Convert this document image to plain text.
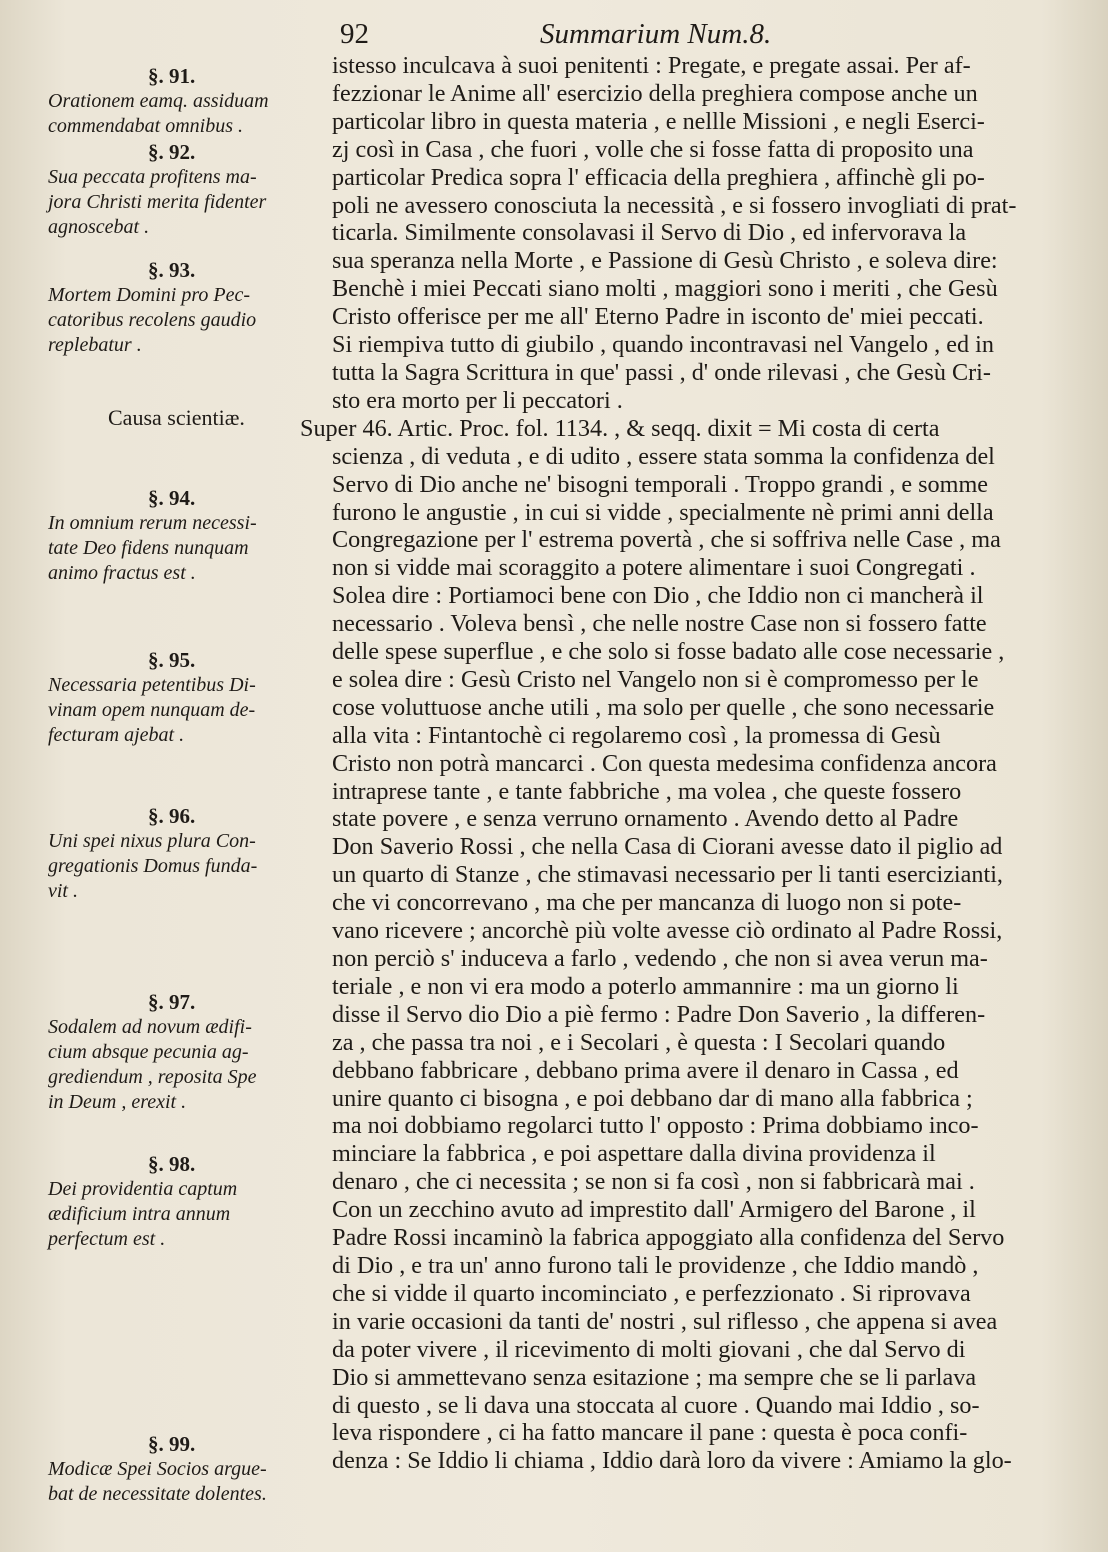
92	Summarium Num.8.
istesso inculcava à suoi penitenti : Pregate, e pregate assai. Per af-
fezzionar le Anime all' esercizio della preghiera compose anche un
particolar libro in questa materia , e nellle Missioni , e negli Eserci-
zj così in Casa , che fuori , volle che si fosse fatta di proposito una
particolar Predica sopra l' efficacia della preghiera , affinchè gli po-
poli ne avessero conosciuta la necessità , e si fossero invogliati di prat-
ticarla. Similmente consolavasi il Servo di Dio , ed infervorava la
sua speranza nella Morte , e Passione di Gesù Christo , e soleva dire:
Benchè i miei Peccati siano molti , maggiori sono i meriti , che Gesù
Cristo offerisce per me all' Eterno Padre in isconto de' miei peccati.
Si riempiva tutto di giubilo , quando incontravasi nel Vangelo , ed in
tutta la Sagra Scrittura in que' passi , d' onde rilevasi , che Gesù Cri-
sto era morto per li peccatori .
Super 46. Artic. Proc. fol. 1134. , & seqq. dixit = Mi costa di certa
scienza , di veduta , e di udito , essere stata somma la confidenza del
Servo di Dio anche ne' bisogni temporali . Troppo grandi , e somme
furono le angustie , in cui si vidde , specialmente nè primi anni della
Congregazione per l' estrema povertà , che si soffriva nelle Case , ma
non si vidde mai scoraggito a potere alimentare i suoi Congregati .
Solea dire : Portiamoci bene con Dio , che Iddio non ci mancherà il
necessario . Voleva bensì , che nelle nostre Case non si fossero fatte
delle spese superflue , e che solo si fosse badato alle cose necessarie ,
e solea dire : Gesù Cristo nel Vangelo non si è compromesso per le
cose voluttuose anche utili , ma solo per quelle , che sono necessarie
alla vita : Fintantochè ci regolaremo così , la promessa di Gesù
Cristo non potrà mancarci . Con questa medesima confidenza ancora
intraprese tante , e tante fabbriche , ma volea , che queste fossero
state povere , e senza verruno ornamento . Avendo detto al Padre
Don Saverio Rossi , che nella Casa di Ciorani avesse dato il piglio ad
un quarto di Stanze , che stimavasi necessario per li tanti esercizianti,
che vi concorrevano , ma che per mancanza di luogo non si pote-
vano ricevere ; ancorchè più volte avesse ciò ordinato al Padre Rossi,
non perciò s' induceva a farlo , vedendo , che non si avea verun ma-
teriale , e non vi era modo a poterlo ammannire : ma un giorno li
disse il Servo dio Dio a piè fermo : Padre Don Saverio , la differen-
za , che passa tra noi , e i Secolari , è questa : I Secolari quando
debbano fabbricare , debbano prima avere il denaro in Cassa , ed
unire quanto ci bisogna , e poi debbano dar di mano alla fabbrica ;
ma noi dobbiamo regolarci tutto l' opposto : Prima dobbiamo inco-
minciare la fabbrica , e poi aspettare dalla divina providenza il
denaro , che ci necessita ; se non si fa così , non si fabbricarà mai .
Con un zecchino avuto ad imprestito dall' Armigero del Barone , il
Padre Rossi incaminò la fabrica appoggiato alla confidenza del Servo
di Dio , e tra un' anno furono tali le providenze , che Iddio mandò ,
che si vidde il quarto incominciato , e perfezzionato . Si riprovava
in varie occasioni da tanti de' nostri , sul riflesso , che appena si avea
da poter vivere , il ricevimento di molti giovani , che dal Servo di
Dio si ammettevano senza esitazione ; ma sempre che se li parlava
di questo , se li dava una stoccata al cuore . Quando mai Iddio , so-
leva rispondere , ci ha fatto mancare il pane : questa è poca confi-
denza : Se Iddio li chiama , Iddio darà loro da vivere : Amiamo la glo-
Causa scientiæ.
§. 91.
Orationem eamq. assiduam
commendabat omnibus .
§. 92.
Sua peccata profitens ma-
jora Christi merita fidenter
agnoscebat .
§. 93.
Mortem Domini pro Pec-
catoribus recolens gaudio
replebatur .
§. 94.
In omnium rerum necessi-
tate Deo fidens nunquam
animo fractus est .
§. 95.
Necessaria petentibus Di-
vinam opem nunquam de-
fecturam ajebat .
§. 96.
Uni spei nixus plura Con-
gregationis Domus funda-
vit .
§. 97.
Sodalem ad novum ædifi-
cium absque pecunia ag-
grediendum , reposita Spe
in Deum , erexit .
§. 98.
Dei providentia captum
ædificium intra annum
perfectum est .
§. 99.
Modicæ Spei Socios argue-
bat de necessitate dolentes.
